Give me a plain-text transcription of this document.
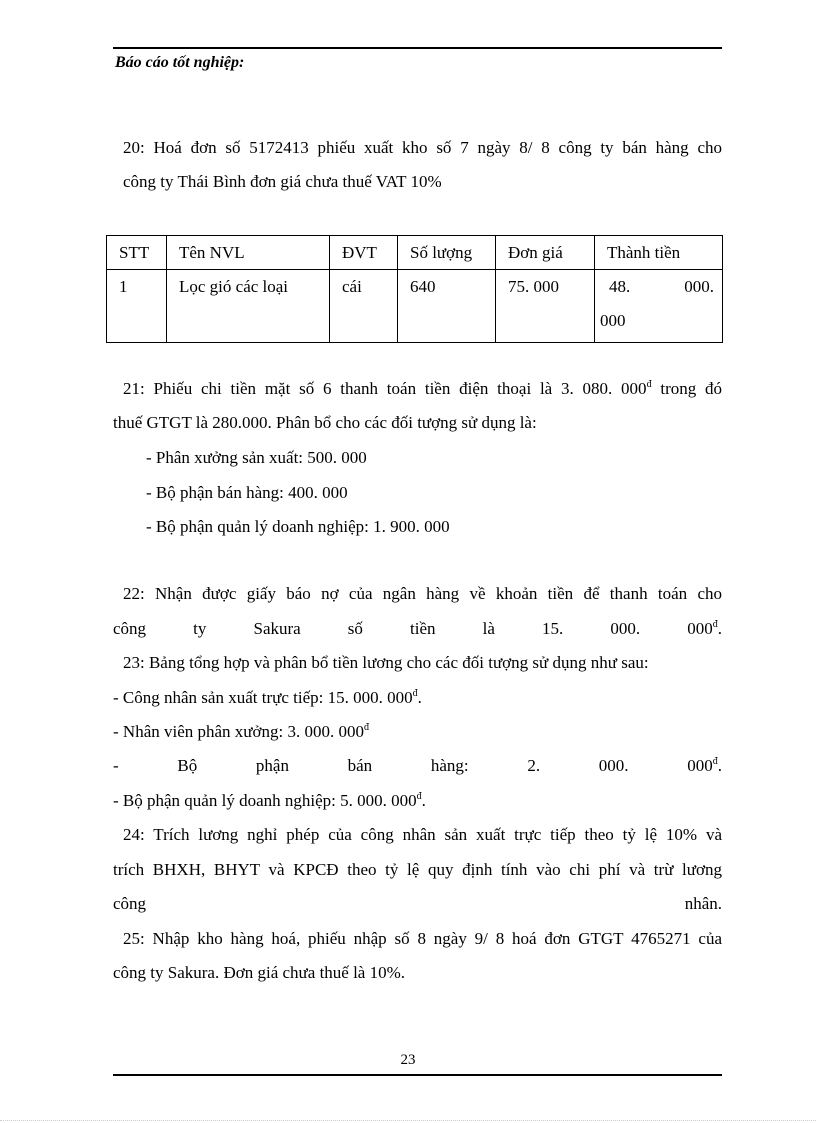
Báo cáo tốt nghiệp:
20: Hoá đơn số 5172413 phiếu xuất kho số 7 ngày 8/ 8 công ty bán hàng cho
công ty Thái Bình đơn giá chưa thuế VAT 10%
STT	Tên NVL	ĐVT	Số lượng	Đơn giá	Thành tiền
1	Lọc gió các loại	cái	640	75. 000	48. 000.
000
21: Phiếu chi tiền mặt số 6 thanh toán tiền điện thoại là 3. 080. $000^đ$ trong đó
thuế GTGT là 280.000. Phân bổ cho các đối tượng sử dụng là:
- Phân xưởng sản xuất: 500. 000
- Bộ phận bán hàng: 400. 000
- Bộ phận quản lý doanh nghiệp: 1. 900. 000
22: Nhận được giấy báo nợ của ngân hàng về khoản tiền để thanh toán cho
công ty Sakura số tiền là 15. 000. $000^đ$.
23: Bảng tổng hợp và phân bổ tiền lương cho các đối tượng sử dụng như sau:
- Công nhân sản xuất trực tiếp: 15. 000. $000^đ$.
- Nhân viên phân xưởng: 3. 000. $000^đ$
- Bộ phận bán hàng: 2. 000. $000^đ$.
- Bộ phận quản lý doanh nghiệp: 5. 000. $000^đ$.
24: Trích lương nghỉ phép của công nhân sản xuất trực tiếp theo tỷ lệ 10% và
trích BHXH, BHYT và KPCĐ theo tỷ lệ quy định tính vào chi phí và trừ lương
công nhân.
25: Nhập kho hàng hoá, phiếu nhập số 8 ngày 9/ 8 hoá đơn GTGT 4765271 của
công ty Sakura. Đơn giá chưa thuế là 10%.
23
